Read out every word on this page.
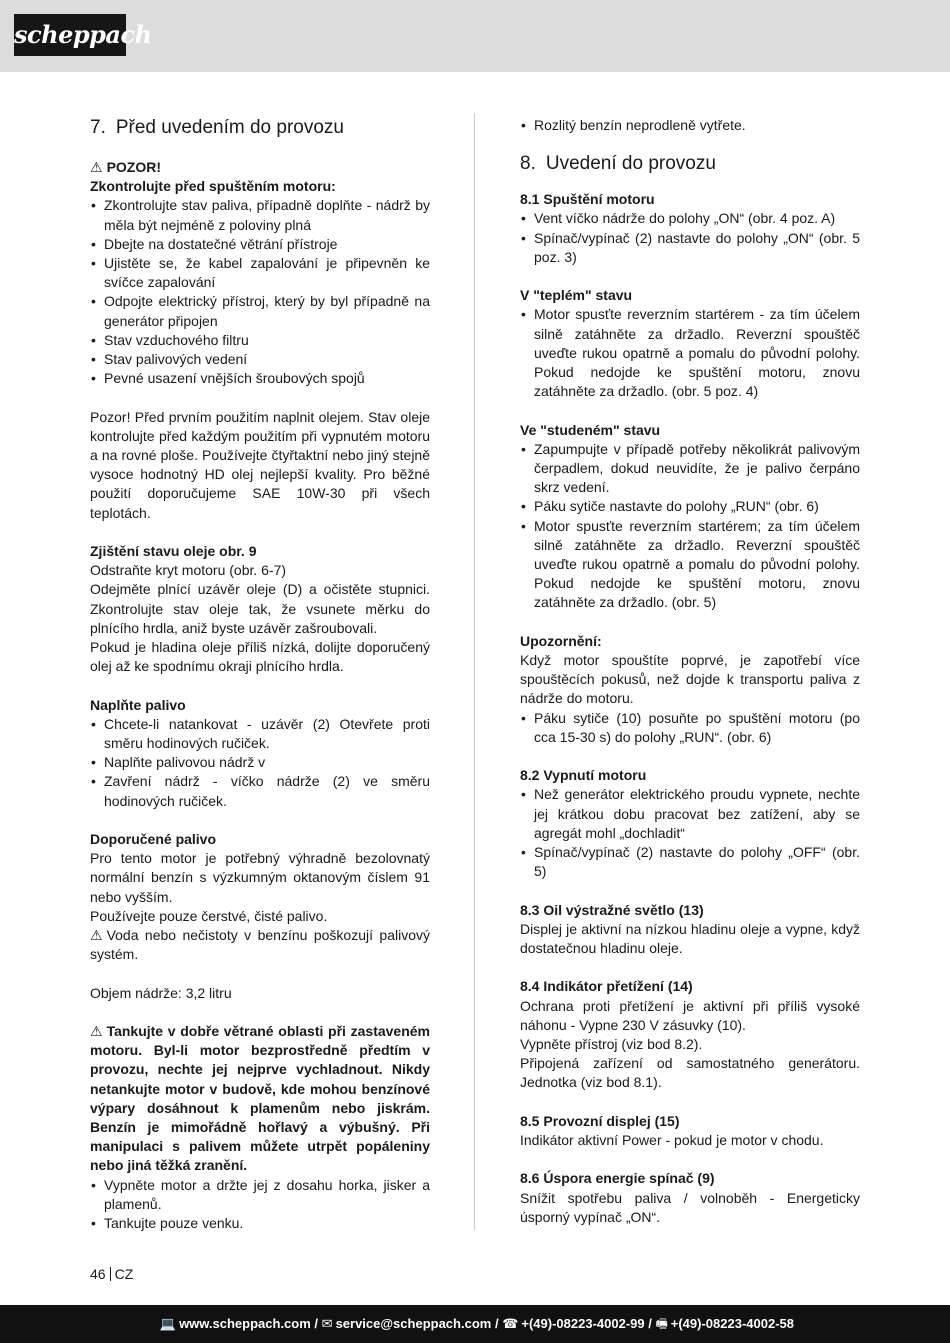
scheppach
7. Před uvedením do provozu

⚠ POZOR!

Zkontrolujte před spuštěním motoru:
• Zkontrolujte stav paliva, případně doplňte - nádrž by měla být nejméně z poloviny plná
• Dbejte na dostatečné větrání přístroje
• Ujistěte se, že kabel zapalování je připevněn ke svíčce zapalování
• Odpojte elektrický přístroj, který by byl případně na generátor připojen
• Stav vzduchového filtru
• Stav palivových vedení
• Pevné usazení vnějších šroubových spojů

Pozor! Před prvním použitím naplnit olejem. Stav oleje kontrolujte před každým použitím při vypnutém motoru a na rovné ploše. Používejte čtyřtaktní nebo jiný stejně vysoce hodnotný HD olej nejlepší kvality. Pro běžné použití doporučujeme SAE 10W-30 při všech teplotách.

Zjištění stavu oleje obr. 9

Odstraňte kryt motoru (obr. 6-7)

Odejměte plnící uzávěr oleje (D) a očistěte stupnici. Zkontrolujte stav oleje tak, že vsunete měrku do plnícího hrdla, aniž byste uzávěr zašroubovali.

Pokud je hladina oleje příliš nízká, dolijte doporučený olej až ke spodnímu okraji plnícího hrdla.

Naplňte palivo
• Chcete-li natankovat - uzávěr (2) Otevřete proti směru hodinových ručiček.
• Naplňte palivovou nádrž v
• Zavření nádrž - víčko nádrže (2) ve směru hodinových ručiček.
Doporučené palivo

Pro tento motor je potřebný výhradně bezolovnatý normální benzín s výzkumným oktanovým číslem 91 nebo vyšším.

Používejte pouze čerstvé, čisté palivo.

⚠ Voda nebo nečistoty v benzínu poškozují palivový systém.

Objem nádrže: 3,2 litru

⚠ Tankujte v dobře větrané oblasti při zastaveném motoru. Byl-li motor bezprostředně předtím v provozu, nechte jej nejprve vychladnout. Nikdy netankujte motor v budově, kde mohou benzínové výpary dosáhnout k plamenům nebo jiskrám. Benzín je mimořádně hořlavý a výbušný. Při manipulaci s palivem můžete utrpět popáleniny nebo jiná těžká zranění.

• Vypněte motor a držte jej z dosahu horka, jisker a plamenů.
• Tankujte pouze venku.
• Rozlitý benzín neprodleně vytřete.
8. Uvedení do provozu
8.1 Spuštění motoru
• Vent víčko nádrže do polohy „ON“ (obr. 4 poz. A)
• Spínač/vypínač (2) nastavte do polohy „ON“ (obr. 5 poz. 3)
V "teplém" stavu
• Motor spusťte reverzním startérem - za tím účelem silně zatáhněte za držadlo. Reverzní spouštěč uveďte rukou opatrně a pomalu do původní polohy. Pokud nedojde ke spuštění motoru, znovu zatáhněte za držadlo. (obr. 5 poz. 4)
Ve "studeném" stavu
• Zapumpujte v případě potřeby několikrát palivovým čerpadlem, dokud neuvidíte, že je palivo čerpáno skrz vedení.
• Páku sytiče nastavte do polohy „RUN“ (obr. 6)
• Motor spusťte reverzním startérem; za tím účelem silně zatáhněte za držadlo. Reverzní spouštěč uveďte rukou opatrně a pomalu do původní polohy. Pokud nedojde ke spuštění motoru, znovu zatáhněte za držadlo. (obr. 5)
Upozornění:

Když motor spouštíte poprvé, je zapotřebí více spouštěcích pokusů, než dojde k transportu paliva z nádrže do motoru.

• Páku sytiče (10) posuňte po spuštění motoru (po cca 15-30 s) do polohy „RUN“. (obr. 6)
8.2 Vypnutí motoru
• Než generátor elektrického proudu vypnete, nechte jej krátkou dobu pracovat bez zatížení, aby se agregát mohl „dochladit“
• Spínač/vypínač (2) nastavte do polohy „OFF“ (obr. 5)
8.3 Oil výstražné světlo (13)

Displej je aktivní na nízkou hladinu oleje a vypne, když dostatečnou hladinu oleje.

8.4 Indikátor přetížení (14)

Ochrana proti přetížení je aktivní při příliš vysoké náhonu - Vypne 230 V zásuvky (10).

Vypněte přístroj (viz bod 8.2).

Připojená zařízení od samostatného generátoru. Jednotka (viz bod 8.1).

8.5 Provozní displej (15)

Indikátor aktivní Power - pokud je motor v chodu.

8.6 Úspora energie spínač (9)

Snížit spotřebu paliva / volnoběh - Energeticky úsporný vypínač „ON“.

46 CZ
💻 www.scheppach.com / ✉ service@scheppach.com / ☎ +(49)-08223-4002-99 / 🖷 +(49)-08223-4002-58
